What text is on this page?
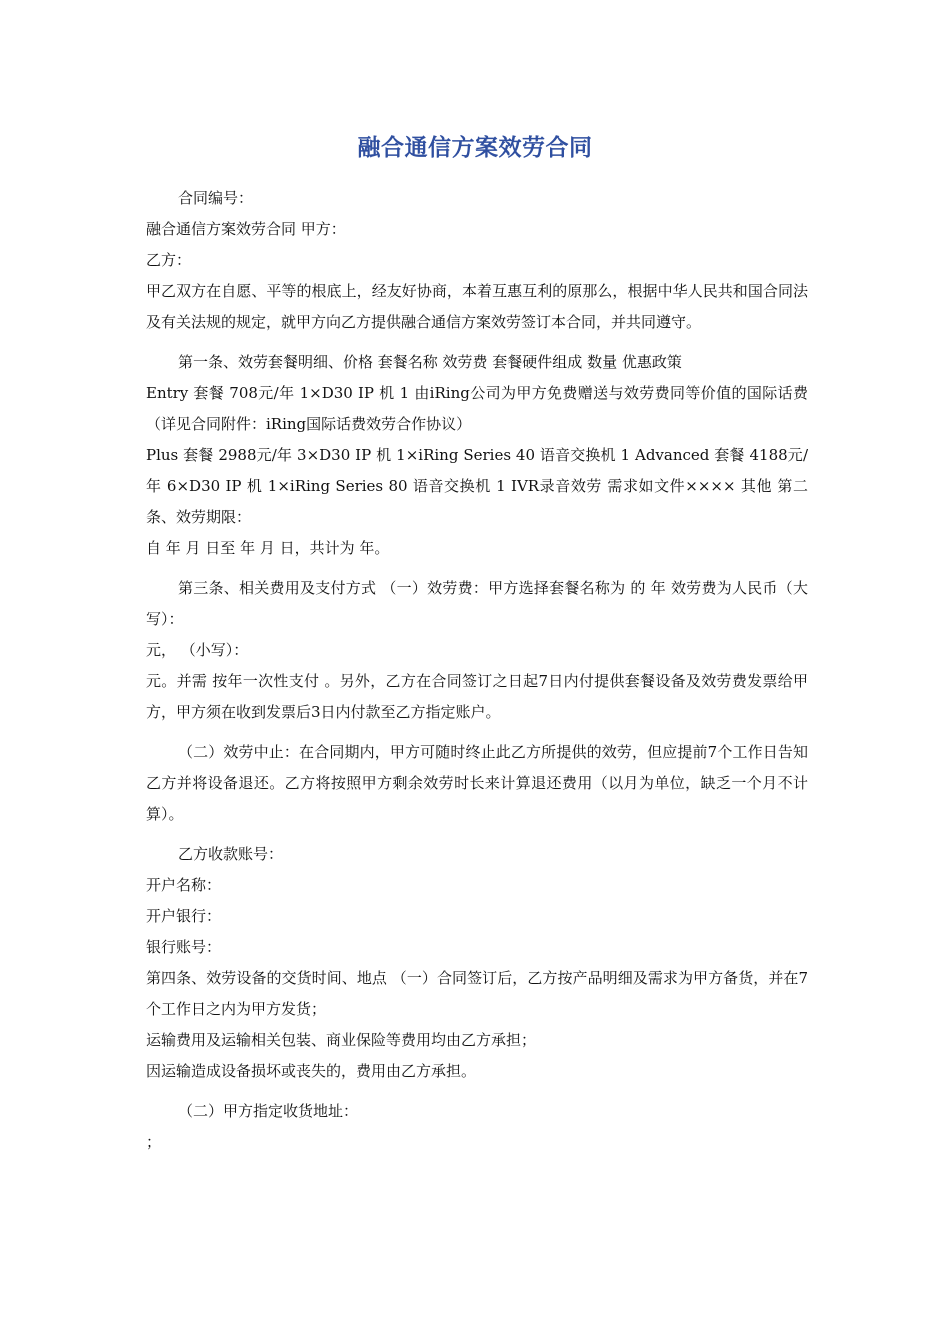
融合通信方案效劳合同

合同编号：

融合通信方案效劳合同 甲方：

乙方：

甲乙双方在自愿、平等的根底上，经友好协商，本着互惠互利的原那么，根据中华人民共和国合同法及有关法规的规定，就甲方向乙方提供融合通信方案效劳签订本合同，并共同遵守。

第一条、效劳套餐明细、价格 套餐名称 效劳费 套餐硬件组成 数量 优惠政策

Entry 套餐 708元/年 1×D30 IP 机 1 由iRing公司为甲方免费赠送与效劳费同等价值的国际话费（详见合同附件：iRing国际话费效劳合作协议）

Plus 套餐 2988元/年 3×D30 IP 机 1×iRing Series 40 语音交换机 1 Advanced 套餐 4188元/年 6×D30 IP 机 1×iRing Series 80 语音交换机 1 IVR录音效劳 需求如文件×××× 其他 第二条、效劳期限：

自 年 月 日至 年 月 日，共计为 年。

第三条、相关费用及支付方式 （一）效劳费：甲方选择套餐名称为 的 年 效劳费为人民币（大写）：

元， （小写）：

元。并需 按年一次性支付 。另外，乙方在合同签订之日起7日内付提供套餐设备及效劳费发票给甲方，甲方须在收到发票后3日内付款至乙方指定账户。

（二）效劳中止：在合同期内，甲方可随时终止此乙方所提供的效劳，但应提前7个工作日告知乙方并将设备退还。乙方将按照甲方剩余效劳时长来计算退还费用（以月为单位，缺乏一个月不计算）。

乙方收款账号：

开户名称：

开户银行：

银行账号：

第四条、效劳设备的交货时间、地点 （一）合同签订后，乙方按产品明细及需求为甲方备货，并在7个工作日之内为甲方发货；

运输费用及运输相关包装、商业保险等费用均由乙方承担；

因运输造成设备损坏或丧失的，费用由乙方承担。

（二）甲方指定收货地址：

；
